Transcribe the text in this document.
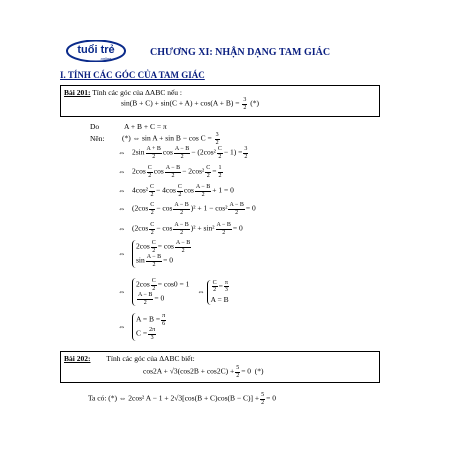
tuổi trẻ
online
CHƯƠNG XI: NHẬN DẠNG TAM GIÁC
I. TÍNH CÁC GÓC CỦA TAM GIÁC
Bài 201: Tính các góc của ΔABC nếu :
$\sin(B + C) + \sin(C + A) + \cos(A + B) = \frac{3}{2}$ (*)
Do	A + B + C = π
Nên: (*) ⇔ $\sin A + \sin B - \cos C = \frac{3}{2}$
⇔ $2\sin \frac{A + B}{2}$ $\cos \frac{A - B}{2} - (2\cos^2 \frac{C}{2} - 1) = \frac{3}{2}$
⇔ $2\cos \frac{C}{2}$ $\cos \frac{A - B}{2} - 2\cos^2 \frac{C}{2} = \frac{1}{2}$
⇔ $4\cos^2 \frac{C}{2} - 4\cos \frac{C}{2}$ $\cos \frac{A - B}{2} + 1 = 0$
⇔ $(2\cos \frac{C}{2} - \cos \frac{A - B}{2} )^2 + 1 - \cos^2 \frac{A - B}{2} = 0$
⇔ $(2\cos \frac{C}{2} - \cos \frac{A - B}{2} )^2 + \sin^2 \frac{A - B}{2} = 0$
⇔
$2\cos \frac{C}{2} = \cos \frac{A - B}{2}$
$\sin \frac{A - B}{2} = 0$
⇔
$2\cos \frac{C}{2} = \cos 0 = 1$
$\frac{A - B}{2} = 0$
⇔ $\frac{C}{2} = \frac{\pi}{3}$
A = B
⇔
$A = B = \frac{\pi}{6}$
$C = \frac{2\pi}{3}$
Bài 202: Tính các góc của ΔABC biết:
$\cos 2A + √3(\cos 2B + \cos 2C) + \frac{5}{2} = 0$  (*)
Ta có: (*) ⇔ 2cos² $A - 1 + 2√3[\cos(B + C)\cos(B - C)] + \frac{5}{2} = 0$
